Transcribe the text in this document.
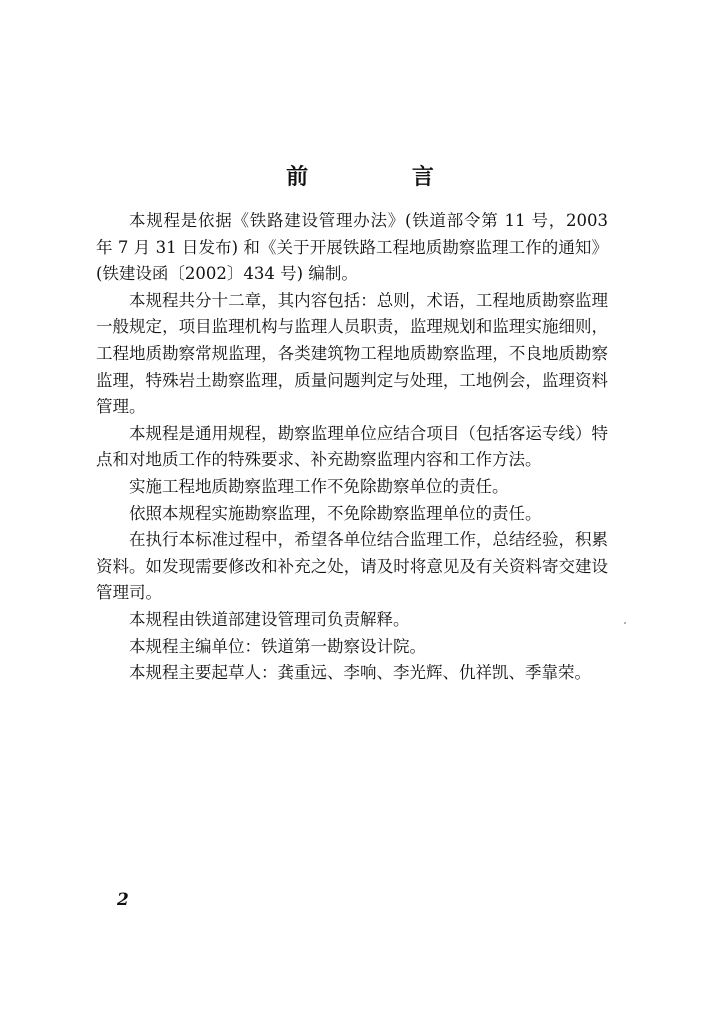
前 言

本规程是依据《铁路建设管理办法》(铁道部令第 11 号，2003 年 7 月 31 日发布) 和《关于开展铁路工程地质勘察监理工作的通知》(铁建设函〔2002〕434 号) 编制。

本规程共分十二章，其内容包括：总则，术语，工程地质勘察监理一般规定，项目监理机构与监理人员职责，监理规划和监理实施细则，工程地质勘察常规监理，各类建筑物工程地质勘察监理，不良地质勘察监理，特殊岩土勘察监理，质量问题判定与处理，工地例会，监理资料管理。

本规程是通用规程，勘察监理单位应结合项目（包括客运专线）特点和对地质工作的特殊要求、补充勘察监理内容和工作方法。

实施工程地质勘察监理工作不免除勘察单位的责任。

依照本规程实施勘察监理，不免除勘察监理单位的责任。

在执行本标准过程中，希望各单位结合监理工作，总结经验，积累资料。如发现需要修改和补充之处，请及时将意见及有关资料寄交建设管理司。

本规程由铁道部建设管理司负责解释。

本规程主编单位：铁道第一勘察设计院。

本规程主要起草人：龚重远、李响、李光辉、仇祥凯、季靠荣。

2
